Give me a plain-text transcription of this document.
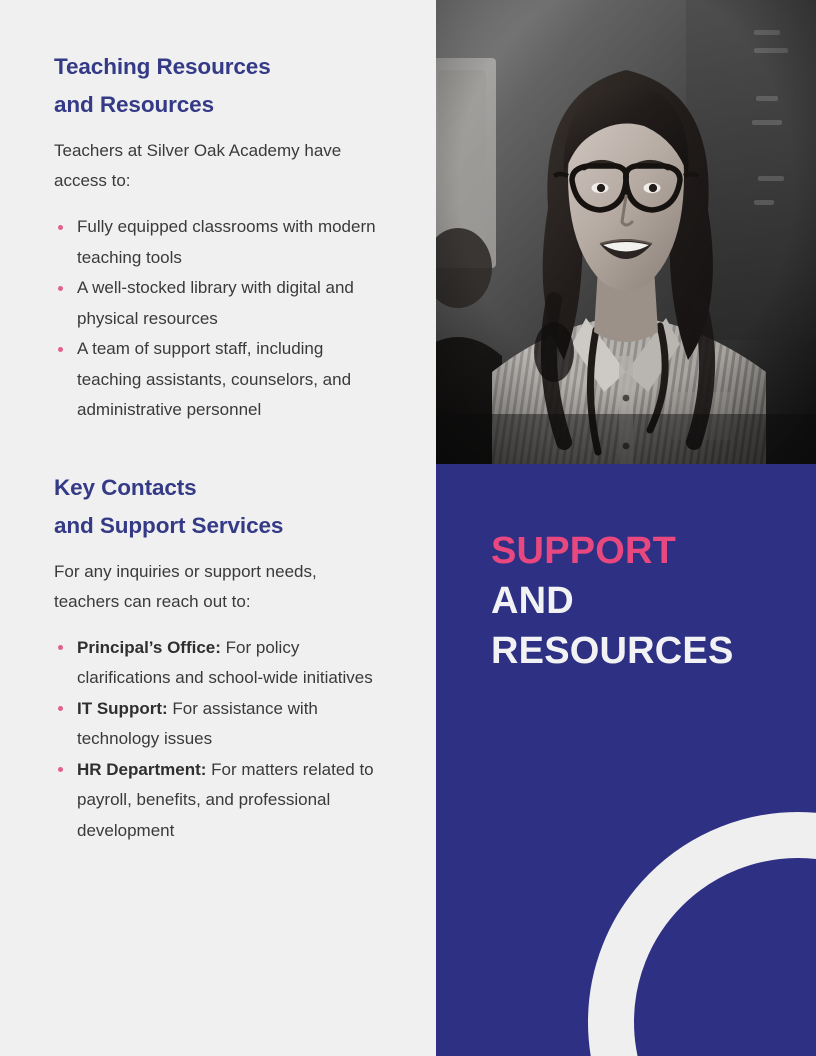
Teaching Resources
and Resources

Teachers at Silver Oak Academy have access to:

Fully equipped classrooms with modern teaching tools
A well-stocked library with digital and physical resources
A team of support staff, including teaching assistants, counselors, and administrative personnel
Key Contacts
and Support Services

For any inquiries or support needs, teachers can reach out to:

Principal’s Office: For policy clarifications and school-wide initiatives
IT Support: For assistance with technology issues
HR Department: For matters related to payroll, benefits, and professional development
SUPPORT
AND
RESOURCES
